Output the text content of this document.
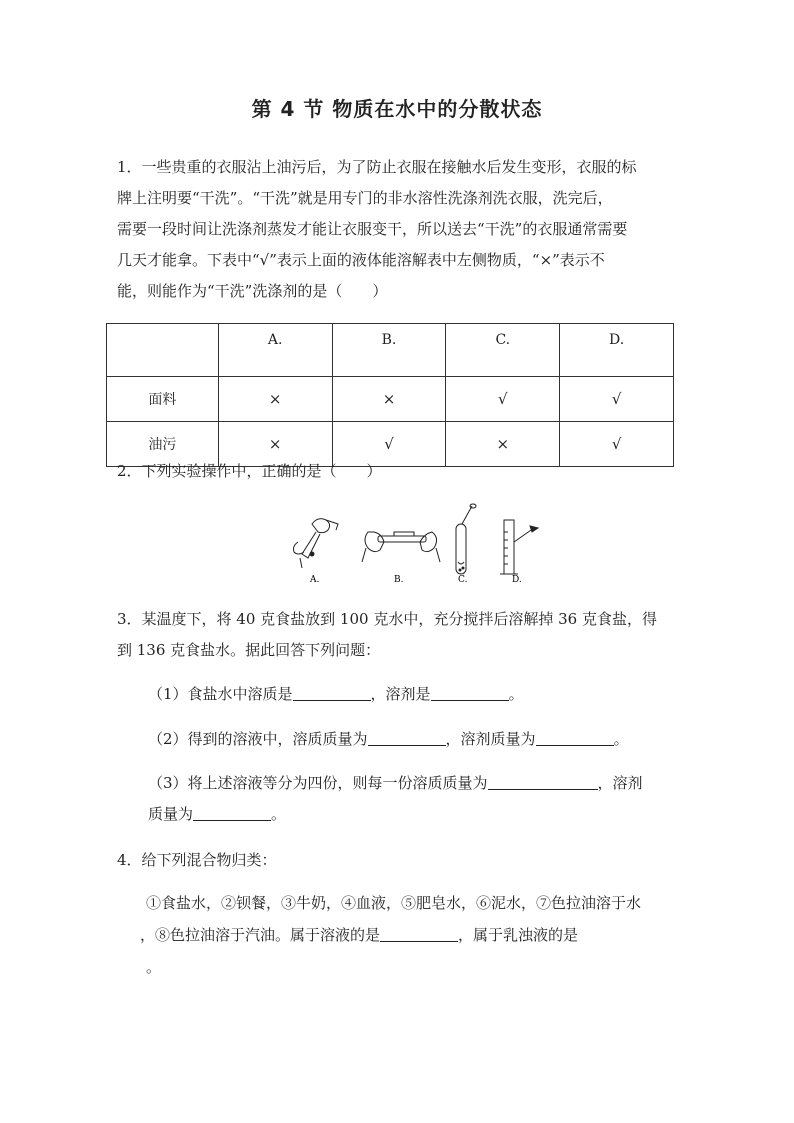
第 4 节 物质在水中的分散状态
1．一些贵重的衣服沾上油污后，为了防止衣服在接触水后发生变形，衣服的标
牌上注明要“干洗”。“干洗”就是用专门的非水溶性洗涤剂洗衣服，洗完后，
需要一段时间让洗涤剂蒸发才能让衣服变干，所以送去“干洗”的衣服通常需要
几天才能拿。下表中“√”表示上面的液体能溶解表中左侧物质，“×”表示不
能，则能作为“干洗”洗涤剂的是（　　）
	A.	B.	C.	D.
面料	×	×	√	√
油污	×	√	×	√
2．下列实验操作中，正确的是（　　）
A.	B.	C.	D.
3．某温度下，将 40 克食盐放到 100 克水中，充分搅拌后溶解掉 36 克食盐，得
到 136 克食盐水。据此回答下列问题：
（1）食盐水中溶质是	，溶剂是	。
（2）得到的溶液中，溶质质量为	，溶剂质量为	。
（3）将上述溶液等分为四份，则每一份溶质质量为	，溶剂
质量为	。
4．给下列混合物归类：
①食盐水，②钡餐，③牛奶，④血液，⑤肥皂水，⑥泥水，⑦色拉油溶于水
，⑧色拉油溶于汽油。属于溶液的是	，属于乳浊液的是
。
